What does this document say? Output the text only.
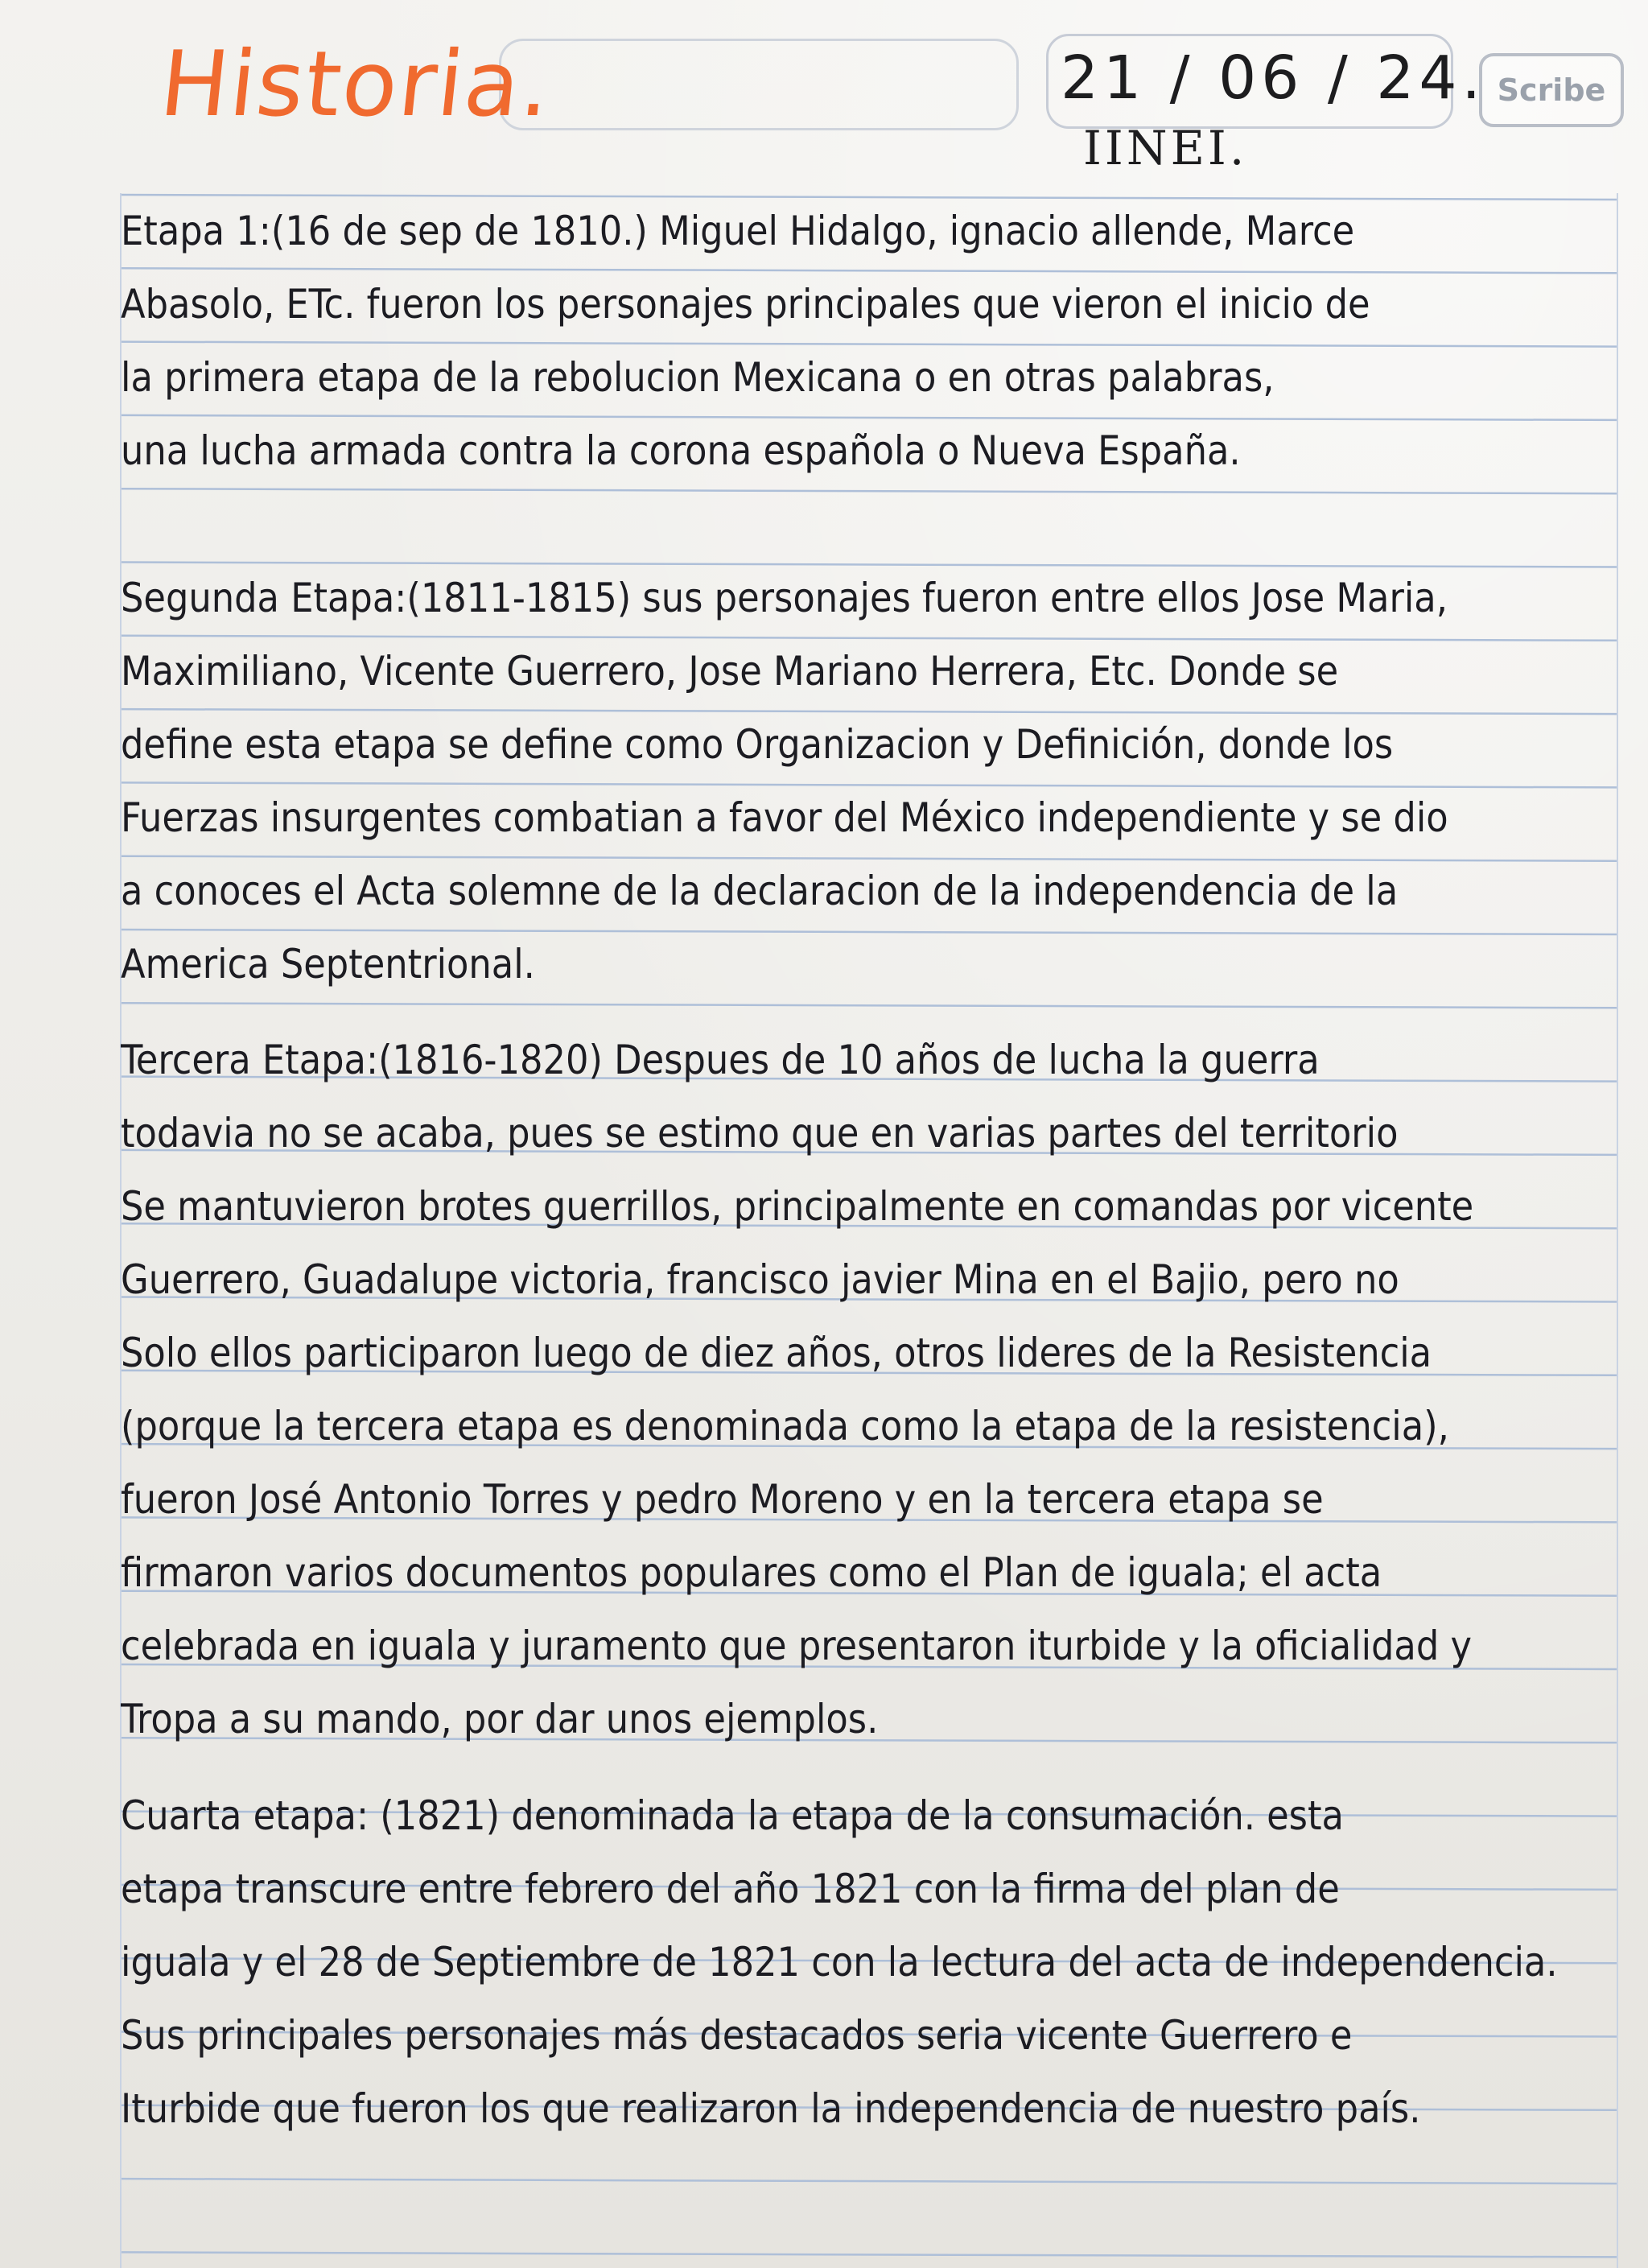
Historia.	21 / 06 / 24. Scribe
IINEI.
Etapa 1:(16 de sep de 1810.) Miguel Hidalgo, ignacio allende, Marce
Abasolo, ETc. fueron los personajes principales que vieron el inicio de
la primera etapa de la rebolucion Mexicana o en otras palabras,
una lucha armada contra la corona española o Nueva España.
Segunda Etapa:(1811-1815) sus personajes fueron entre ellos Jose Maria,
Maximiliano, Vicente Guerrero, Jose Mariano Herrera, Etc. Donde se
define esta etapa se define como Organizacion y Definición, donde los
Fuerzas insurgentes combatian a favor del México independiente y se dio
a conoces el Acta solemne de la declaracion de la independencia de la
America Septentrional.
Tercera Etapa:(1816-1820) Despues de 10 años de lucha la guerra
todavia no se acaba, pues se estimo que en varias partes del territorio
Se mantuvieron brotes guerrillos, principalmente en comandas por vicente
Guerrero, Guadalupe victoria, francisco javier Mina en el Bajio, pero no
Solo ellos participaron luego de diez años, otros lideres de la Resistencia
(porque la tercera etapa es denominada como la etapa de la resistencia),
fueron José Antonio Torres y pedro Moreno y en la tercera etapa se
firmaron varios documentos populares como el Plan de iguala; el acta
celebrada en iguala y juramento que presentaron iturbide y la oficialidad y
Tropa a su mando, por dar unos ejemplos.
Cuarta etapa: (1821) denominada la etapa de la consumación. esta
etapa transcure entre febrero del año 1821 con la firma del plan de
iguala y el 28 de Septiembre de 1821 con la lectura del acta de independencia.
Sus principales personajes más destacados seria vicente Guerrero e
Iturbide que fueron los que realizaron la independencia de nuestro país.
